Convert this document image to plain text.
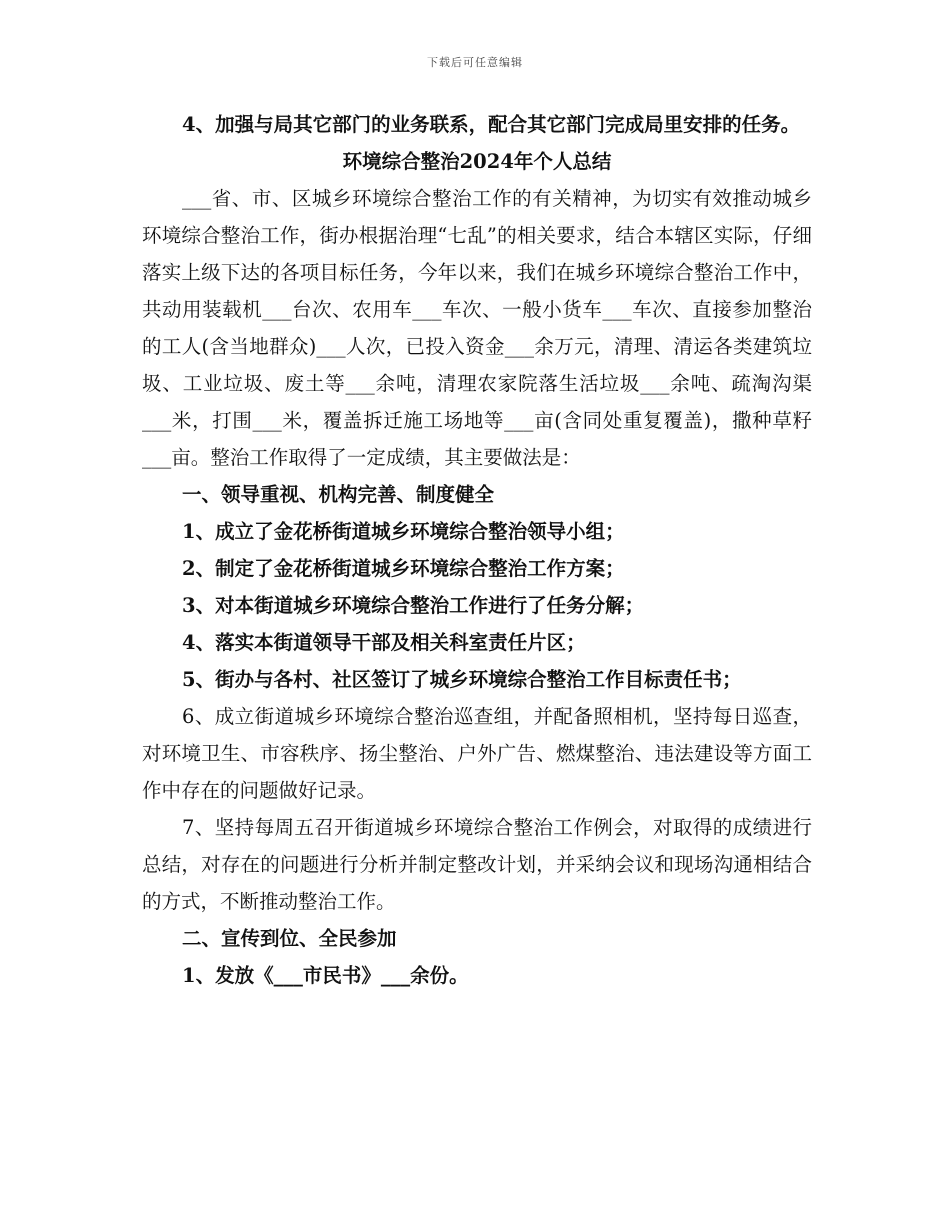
下载后可任意编辑

4、加强与局其它部门的业务联系，配合其它部门完成局里安排的任务。

环境综合整治2024年个人总结

___省、市、区城乡环境综合整治工作的有关精神，为切实有效推动城乡环境综合整治工作，街办根据治理“七乱”的相关要求，结合本辖区实际，仔细落实上级下达的各项目标任务，今年以来，我们在城乡环境综合整治工作中，共动用装载机___台次、农用车___车次、一般小货车___车次、直接参加整治的工人(含当地群众)___人次，已投入资金___余万元，清理、清运各类建筑垃圾、工业垃圾、废土等___余吨，清理农家院落生活垃圾___余吨、疏淘沟渠___米，打围___米，覆盖拆迁施工场地等___亩(含同处重复覆盖)，撒种草籽___亩。整治工作取得了一定成绩，其主要做法是：

一、领导重视、机构完善、制度健全

1、成立了金花桥街道城乡环境综合整治领导小组；

2、制定了金花桥街道城乡环境综合整治工作方案；

3、对本街道城乡环境综合整治工作进行了任务分解；

4、落实本街道领导干部及相关科室责任片区；

5、街办与各村、社区签订了城乡环境综合整治工作目标责任书；

6、成立街道城乡环境综合整治巡查组，并配备照相机，坚持每日巡查，对环境卫生、市容秩序、扬尘整治、户外广告、燃煤整治、违法建设等方面工作中存在的问题做好记录。

7、坚持每周五召开街道城乡环境综合整治工作例会，对取得的成绩进行总结，对存在的问题进行分析并制定整改计划，并采纳会议和现场沟通相结合的方式，不断推动整治工作。

二、宣传到位、全民参加

1、发放《___市民书》___余份。
